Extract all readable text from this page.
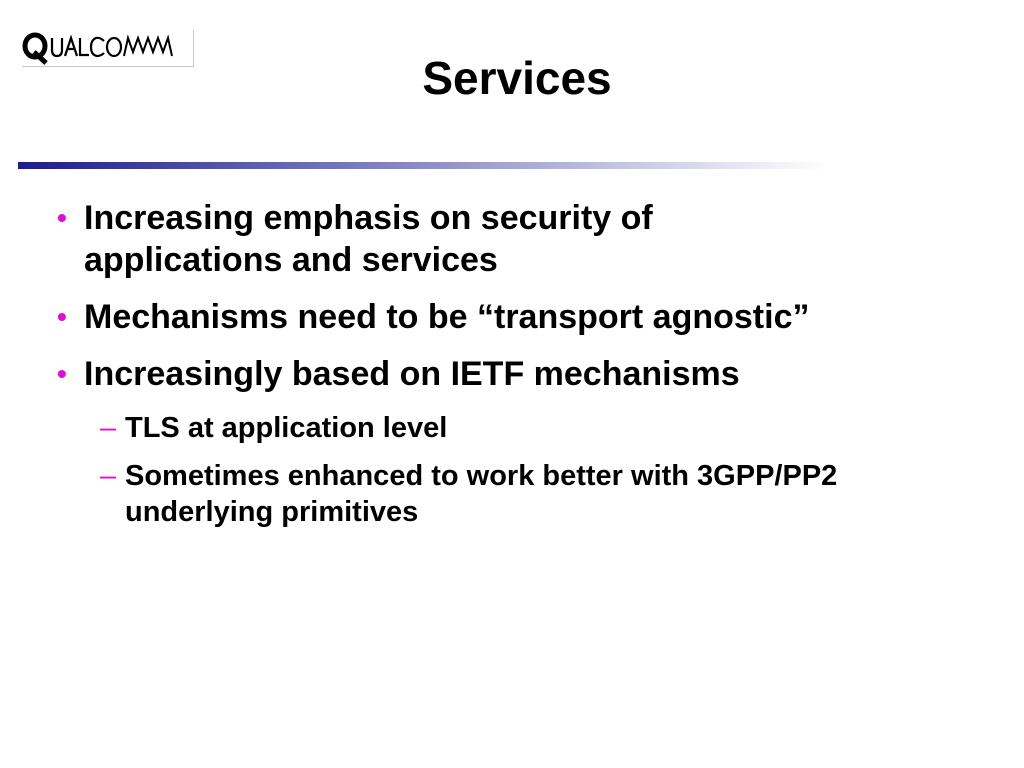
Services
• Increasing emphasis on security of
applications and services
• Mechanisms need to be “transport agnostic”
• Increasingly based on IETF mechanisms
– TLS at application level
– Sometimes enhanced to work better with 3GPP/PP2
underlying primitives
